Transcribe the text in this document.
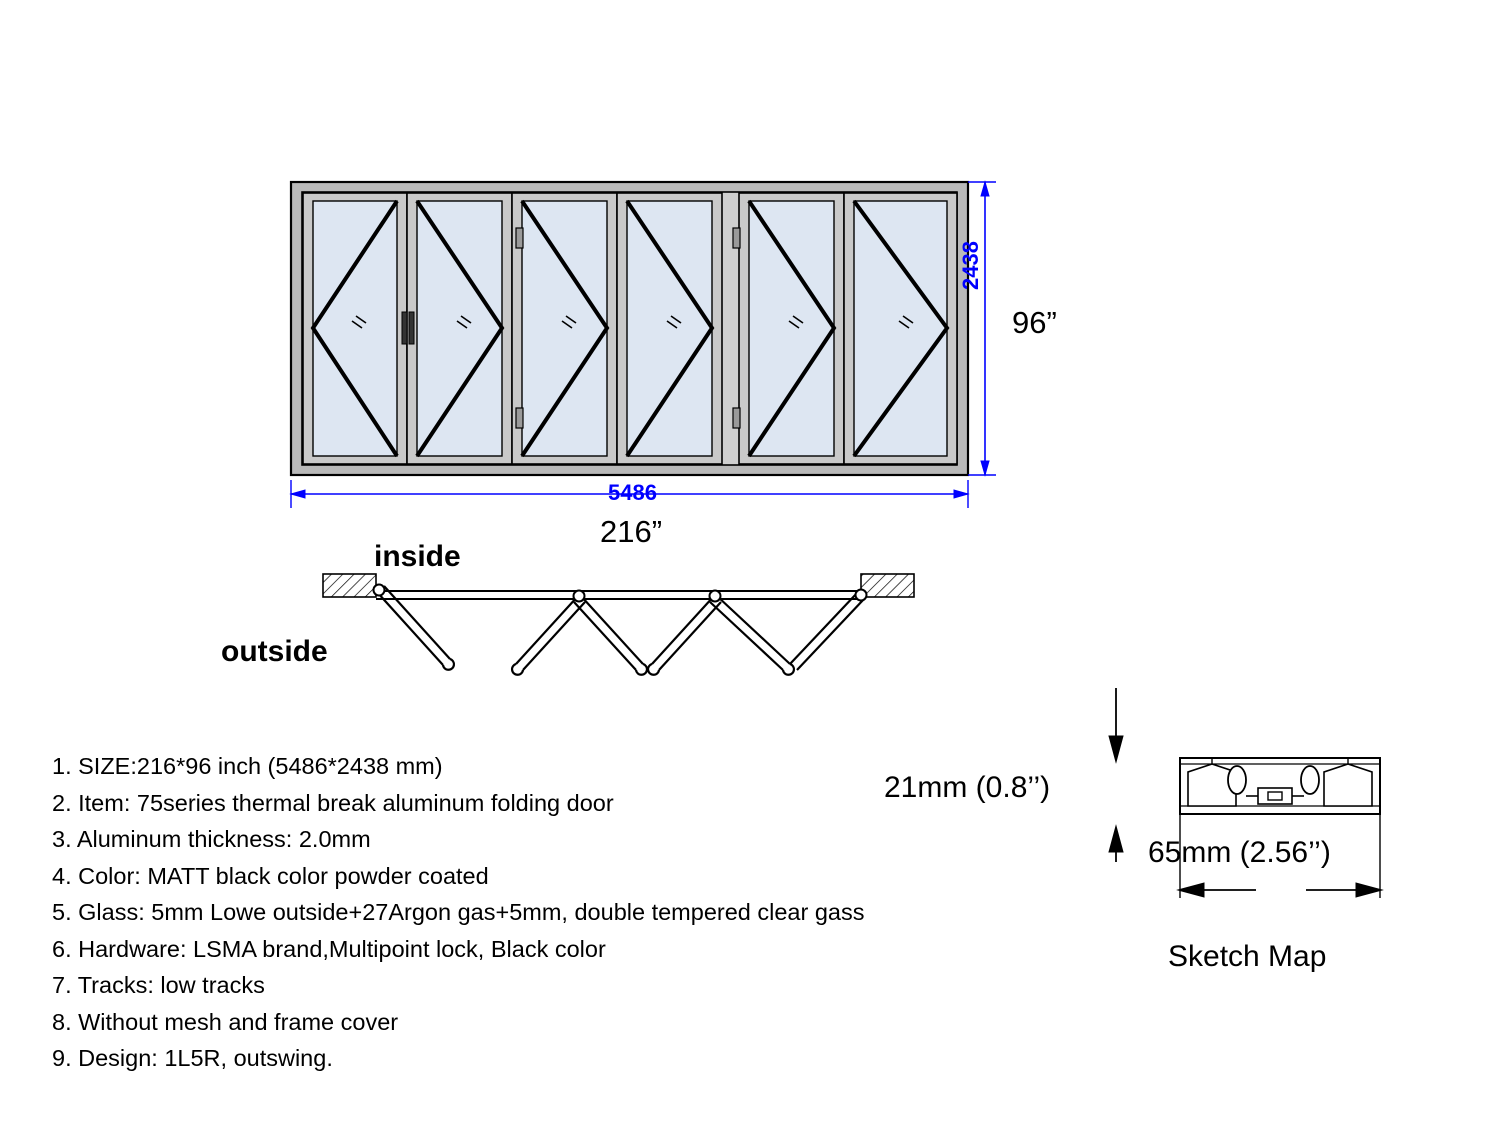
inside
outside
96”
216”
2438
5486
21mm (0.8’’)
65mm (2.56’’)
Sketch Map
1. SIZE:216*96 inch (5486*2438 mm)
2. Item: 75series thermal break aluminum folding door
3. Aluminum thickness: 2.0mm
4. Color: MATT black color powder coated
5. Glass: 5mm Lowe outside+27Argon gas+5mm, double tempered clear gass
6. Hardware: LSMA brand,Multipoint lock, Black color
7. Tracks: low tracks
8. Without mesh and frame cover
9. Design: 1L5R, outswing.
